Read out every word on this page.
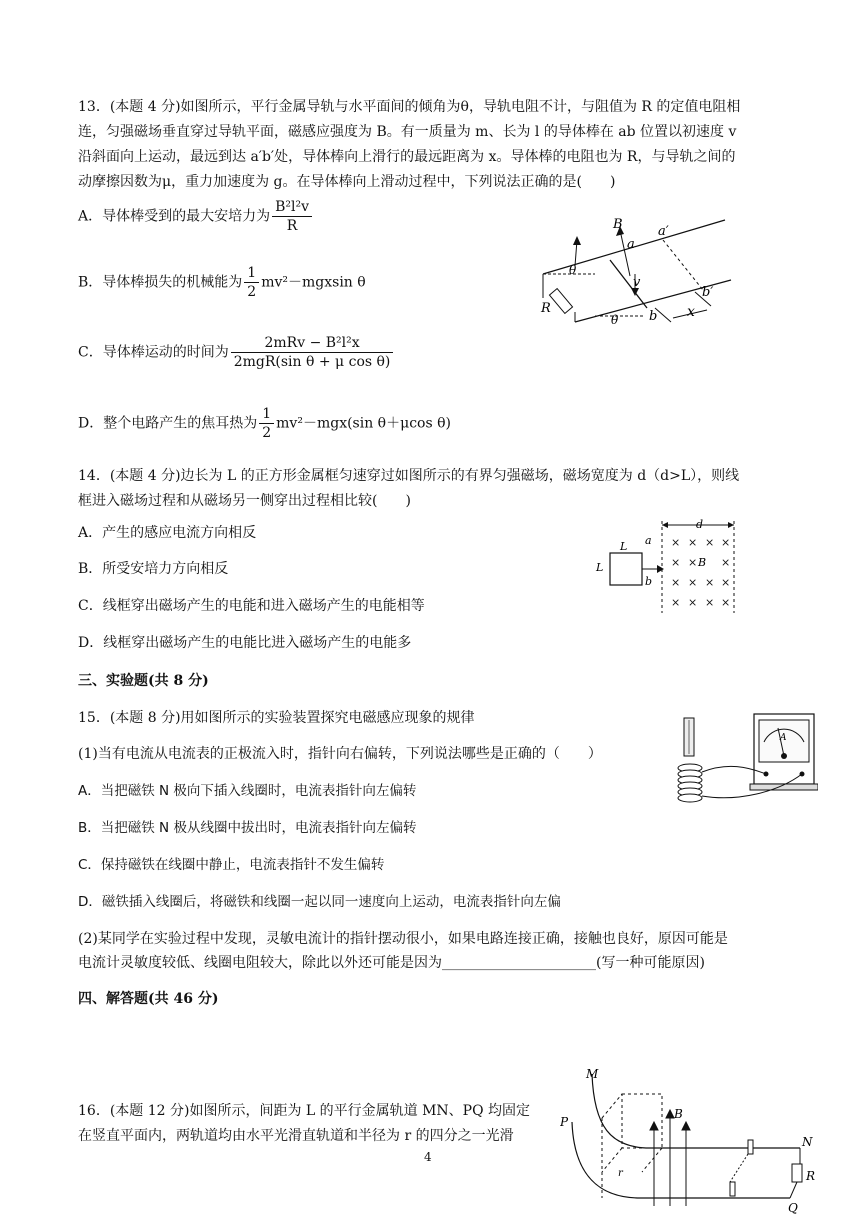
13．(本题 4 分)如图所示，平行金属导轨与水平面间的倾角为θ，导轨电阻不计，与阻值为 R 的定值电阻相
连，匀强磁场垂直穿过导轨平面，磁感应强度为 B。有一质量为 m、长为 l 的导体棒在 ab 位置以初速度 v
沿斜面向上运动，最远到达 a′b′处，导体棒向上滑行的最远距离为 x。导体棒的电阻也为 R，与导轨之间的
动摩擦因数为μ，重力加速度为 g。在导体棒向上滑动过程中，下列说法正确的是(　　)
A．导体棒受到的最大安培力为 $\frac{\text{B²l²v}}{R}$
B．导体棒损失的机械能为 $\frac{1}{2} mv^2-mgxsin$ θ
C．导体棒运动的时间为 $\frac{\text{2mRv − B²l²x}}{\text{2mgR(sin θ + μ cos θ)}}$
D．整个电路产生的焦耳热为 $\frac{1}{2} mv^2-mgx(\sin$ θ＋μcos θ)
B
a
a′
b
b′
R
v
x
θ
θ
14．(本题 4 分)边长为 L 的正方形金属框匀速穿过如图所示的有界匀强磁场，磁场宽度为 d（d>L），则线
框进入磁场过程和从磁场另一侧穿出过程相比较(　　)
A．产生的感应电流方向相反
B．所受安培力方向相反
C．线框穿出磁场产生的电能和进入磁场产生的电能相等
D．线框穿出磁场产生的电能比进入磁场产生的电能多
× × × ×
× × ×
× × × ×
× × × ×
d
L
L
a
b
B
三、实验题(共 8 分)
15．(本题 8 分)用如图所示的实验装置探究电磁感应现象的规律
(1)当有电流从电流表的正极流入时，指针向右偏转，下列说法哪些是正确的（　　）
A．当把磁铁 N 极向下插入线圈时，电流表指针向左偏转
B．当把磁铁 N 极从线圈中拔出时，电流表指针向左偏转
C．保持磁铁在线圈中静止，电流表指针不发生偏转
D．磁铁插入线圈后，将磁铁和线圈一起以同一速度向上运动，电流表指针向左偏
(2)某同学在实验过程中发现，灵敏电流计的指针摆动很小，如果电路连接正确，接触也良好，原因可能是
电流计灵敏度较低、线圈电阻较大，除此以外还可能是因为______________________(写一种可能原因)
A
四、解答题(共 46 分)
16．(本题 12 分)如图所示，间距为 L 的平行金属轨道 MN、PQ 均固定
在竖直平面内，两轨道均由水平光滑直轨道和半径为 r 的四分之一光滑
M
P
N
Q
R
B
r
4
